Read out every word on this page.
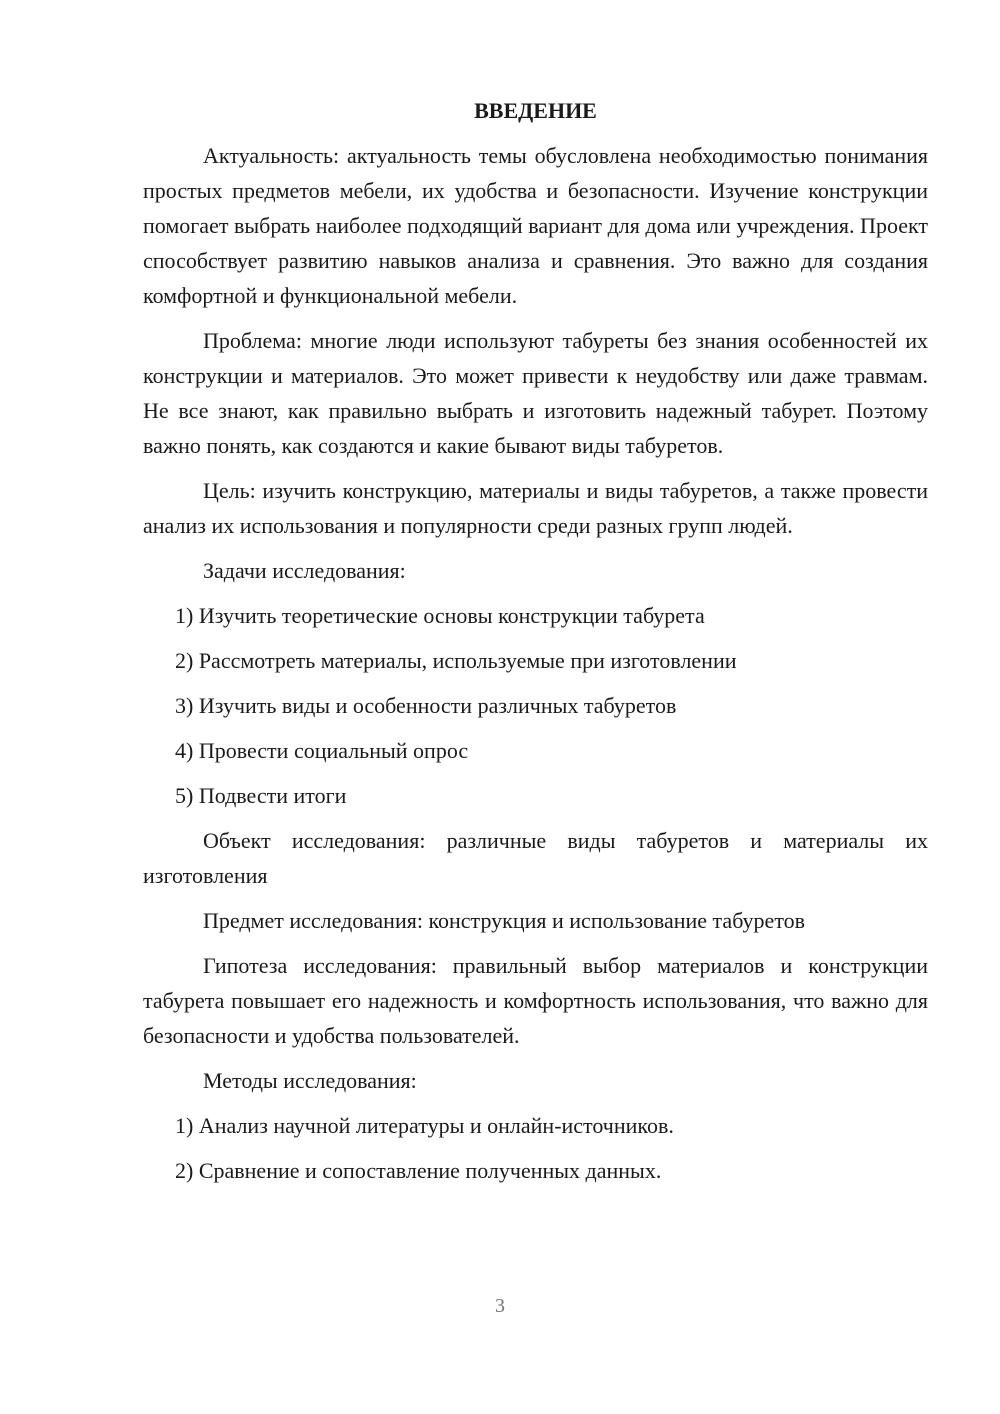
ВВЕДЕНИЕ
Актуальность: актуальность темы обусловлена необходимостью понимания простых предметов мебели, их удобства и безопасности. Изучение конструкции помогает выбрать наиболее подходящий вариант для дома или учреждения. Проект способствует развитию навыков анализа и сравнения. Это важно для создания комфортной и функциональной мебели.
Проблема: многие люди используют табуреты без знания особенностей их конструкции и материалов. Это может привести к неудобству или даже травмам. Не все знают, как правильно выбрать и изготовить надежный табурет. Поэтому важно понять, как создаются и какие бывают виды табуретов.
Цель: изучить конструкцию, материалы и виды табуретов, а также провести анализ их использования и популярности среди разных групп людей.
Задачи исследования:
1) Изучить теоретические основы конструкции табурета
2) Рассмотреть материалы, используемые при изготовлении
3) Изучить виды и особенности различных табуретов
4) Провести социальный опрос
5) Подвести итоги
Объект исследования: различные виды табуретов и материалы их изготовления
Предмет исследования: конструкция и использование табуретов
Гипотеза исследования: правильный выбор материалов и конструкции табурета повышает его надежность и комфортность использования, что важно для безопасности и удобства пользователей.
Методы исследования:
1) Анализ научной литературы и онлайн-источников.
2) Сравнение и сопоставление полученных данных.
3
